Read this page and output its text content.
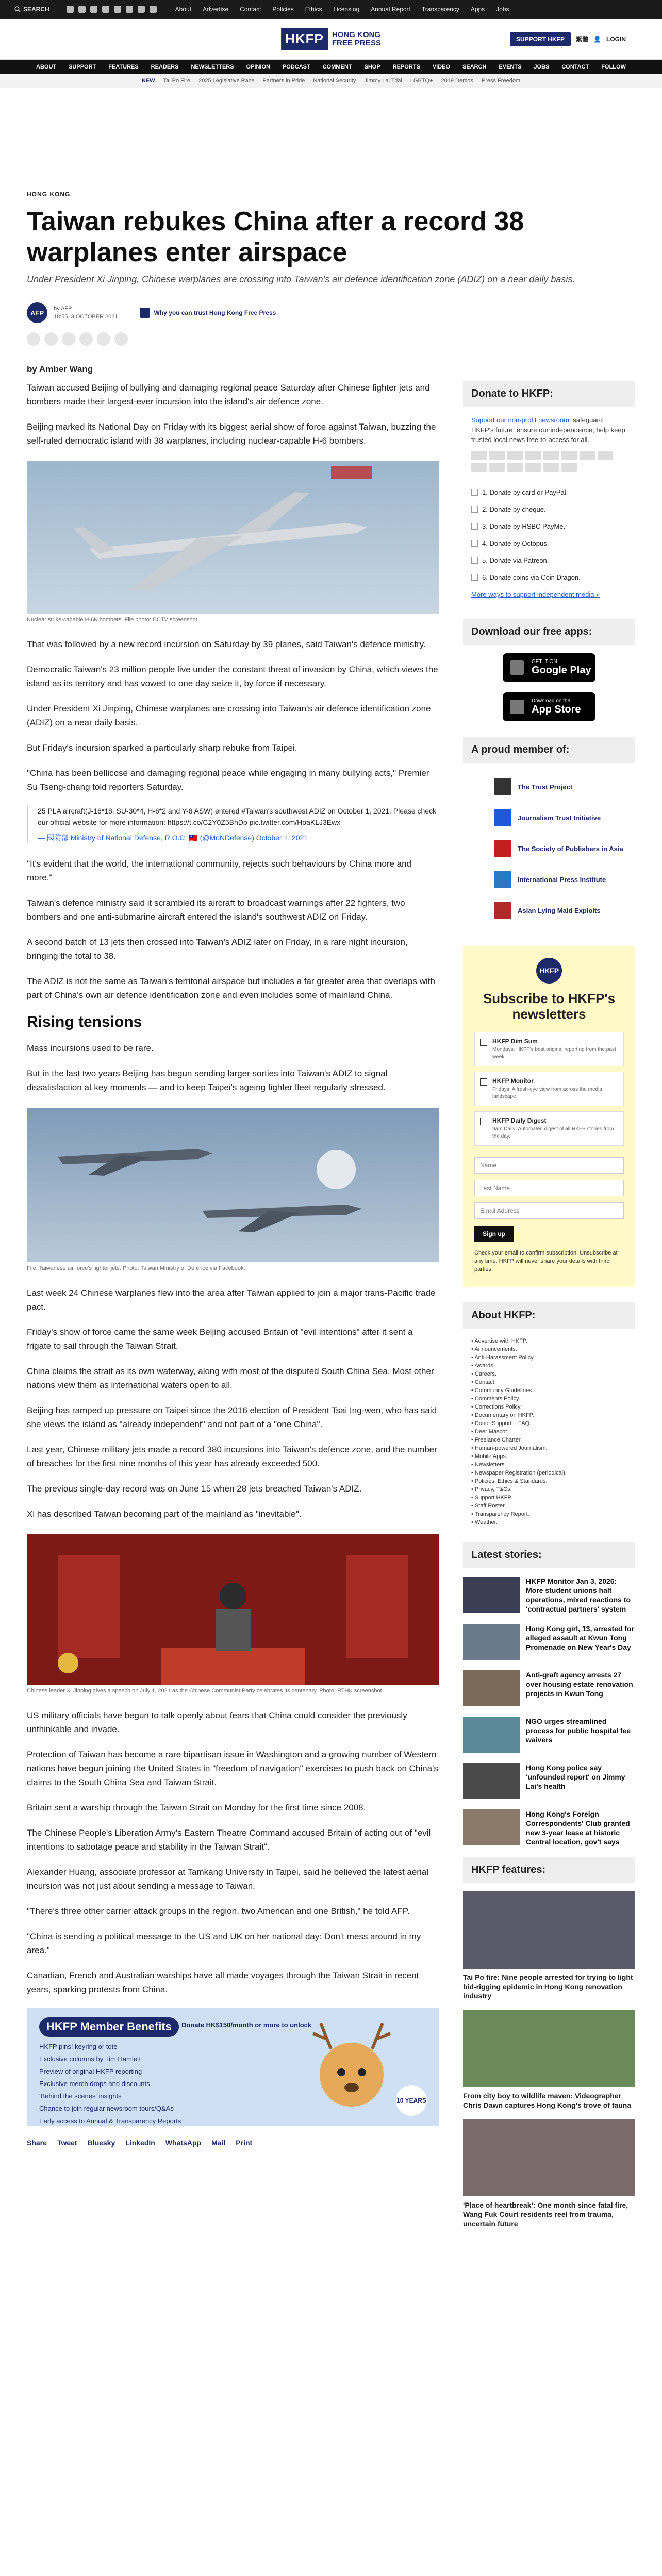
SEARCH	About Advertise Contact Policies Ethics Licensing Annual Report Transparency Apps Jobs
HKFP	HONG KONG
FREE PRESS	SUPPORT HKFP	繁體 👤 LOGIN
ABOUT SUPPORT FEATURES READERS NEWSLETTERS OPINION PODCAST COMMENT SHOP REPORTS VIDEO SEARCH EVENTS JOBS CONTACT FOLLOW
NEW Tai Po Fire 2025 Legislative Race Partners in Pride National Security Jimmy Lai Trial LGBTQ+ 2019 Demos Press Freedom
HONG KONG
Taiwan rebukes China after a record 38 warplanes enter airspace
Under President Xi Jinping, Chinese warplanes are crossing into Taiwan's air defence identification zone (ADIZ) on a near daily basis.
AFP
by AFP
18:55, 3 OCTOBER 2021
Why you can trust Hong Kong Free Press
by Amber Wang

Taiwan accused Beijing of bullying and damaging regional peace Saturday after Chinese fighter jets and bombers made their largest-ever incursion into the island's air defence zone.

Beijing marked its National Day on Friday with its biggest aerial show of force against Taiwan, buzzing the self-ruled democratic island with 38 warplanes, including nuclear-capable H-6 bombers.

Nuclear strike-capable H-6K bombers. File photo: CCTV screenshot.

That was followed by a new record incursion on Saturday by 39 planes, said Taiwan's defence ministry.

Democratic Taiwan's 23 million people live under the constant threat of invasion by China, which views the island as its territory and has vowed to one day seize it, by force if necessary.

Under President Xi Jinping, Chinese warplanes are crossing into Taiwan's air defence identification zone (ADIZ) on a near daily basis.

But Friday's incursion sparked a particularly sharp rebuke from Taipei.

"China has been bellicose and damaging regional peace while engaging in many bullying acts," Premier Su Tseng-chang told reporters Saturday.

25 PLA aircraft(J-16*18, SU-30*4, H-6*2 and Y-8 ASW) entered #Taiwan's southwest ADIZ on October 1, 2021. Please check our official website for more information: https://t.co/C2Y0Z5BhDp pic.twitter.com/HoaKLJ3Ewx
— 國防部 Ministry of National Defense, R.O.C. 🇹🇼 (@MoNDefense) October 1, 2021

"It's evident that the world, the international community, rejects such behaviours by China more and more."

Taiwan's defence ministry said it scrambled its aircraft to broadcast warnings after 22 fighters, two bombers and one anti-submarine aircraft entered the island's southwest ADIZ on Friday.

A second batch of 13 jets then crossed into Taiwan's ADIZ later on Friday, in a rare night incursion, bringing the total to 38.

The ADIZ is not the same as Taiwan's territorial airspace but includes a far greater area that overlaps with part of China's own air defence identification zone and even includes some of mainland China.

Rising tensions

Mass incursions used to be rare.

But in the last two years Beijing has begun sending larger sorties into Taiwan's ADIZ to signal dissatisfaction at key moments — and to keep Taipei's ageing fighter fleet regularly stressed.

File: Taiwanese air force's fighter jets. Photo: Taiwan Ministry of Defence via Facebook.

Last week 24 Chinese warplanes flew into the area after Taiwan applied to join a major trans-Pacific trade pact.

Friday's show of force came the same week Beijing accused Britain of "evil intentions" after it sent a frigate to sail through the Taiwan Strait.

China claims the strait as its own waterway, along with most of the disputed South China Sea. Most other nations view them as international waters open to all.

Beijing has ramped up pressure on Taipei since the 2016 election of President Tsai Ing-wen, who has said she views the island as "already independent" and not part of a "one China".

Last year, Chinese military jets made a record 380 incursions into Taiwan's defence zone, and the number of breaches for the first nine months of this year has already exceeded 500.

The previous single-day record was on June 15 when 28 jets breached Taiwan's ADIZ.

Xi has described Taiwan becoming part of the mainland as "inevitable".

Chinese leader Xi Jinping gives a speech on July 1, 2021 as the Chinese Communist Party celebrates its centenary. Photo: RTHK screenshot.

US military officials have begun to talk openly about fears that China could consider the previously unthinkable and invade.

Protection of Taiwan has become a rare bipartisan issue in Washington and a growing number of Western nations have begun joining the United States in "freedom of navigation" exercises to push back on China's claims to the South China Sea and Taiwan Strait.

Britain sent a warship through the Taiwan Strait on Monday for the first time since 2008.

The Chinese People's Liberation Army's Eastern Theatre Command accused Britain of acting out of "evil intentions to sabotage peace and stability in the Taiwan Strait".

Alexander Huang, associate professor at Tamkang University in Taipei, said he believed the latest aerial incursion was not just about sending a message to Taiwan.

"There's three other carrier attack groups in the region, two American and one British," he told AFP.

"China is sending a political message to the US and UK on her national day: Don't mess around in my area."

Canadian, French and Australian warships have all made voyages through the Taiwan Strait in recent years, sparking protests from China.

HKFP Member Benefits	Donate HK$150/month or more to unlock
HKFP pins! keyring or tote
Exclusive columns by Tim Hamlett
Preview of original HKFP reporting
Exclusive merch drops and discounts
'Behind the scenes' insights
Chance to join regular newsroom tours/Q&As
Early access to Annual & Transparency Reports
10 YEARS
Share Tweet Bluesky LinkedIn WhatsApp Mail Print
Donate to HKFP:
Support our non-profit newsroom: safeguard HKFP's future, ensure our independence, help keep trusted local news free-to-access for all.
1. Donate by card or PayPal.
2. Donate by cheque.
3. Donate by HSBC PayMe.
4. Donate by Octopus.
5. Donate via Patreon.
6. Donate coins via Coin Dragon.
More ways to support independent media »
Download our free apps:
GET IT ON
Google Play
Download on the
App Store
A proud member of:
The Trust Project
Journalism Trust Initiative
The Society of Publishers in Asia
International Press Institute
Asian Lying Maid Exploits
HKFP
Subscribe to HKFP's newsletters
HKFP Dim Sum
Mondays: HKFP's best original reporting from the past week.
HKFP Monitor
Fridays: A fresh-eye view from across the media landscape.
HKFP Daily Digest
9am Daily: Automated digest of all HKFP stories from the day.
Name Last Name Email Address Sign up
Check your email to confirm subscription. Unsubscribe at any time. HKFP will never share your details with third parties.
About HKFP:
• Advertise with HKFP.
• Announcements.
• Anti-Harassment Policy.
• Awards.
• Careers.
• Contact.
• Community Guidelines.
• Comments Policy.
• Corrections Policy.
• Documentary on HKFP.
• Donor Support + FAQ.
• Deer Mascot.
• Freelance Charter.
• Human-powered Journalism.
• Mobile Apps.
• Newsletters.
• Newspaper Registration (periodical).
• Policies, Ethics & Standards.
• Privacy, T&Cs.
• Support HKFP.
• Staff Roster.
• Transparency Report.
• Weather.
Latest stories:
HKFP Monitor Jan 3, 2026: More student unions halt operations, mixed reactions to 'contractual partners' system
Hong Kong girl, 13, arrested for alleged assault at Kwun Tong Promenade on New Year's Day
Anti-graft agency arrests 27 over housing estate renovation projects in Kwun Tong
NGO urges streamlined process for public hospital fee waivers
Hong Kong police say 'unfounded report' on Jimmy Lai's health
Hong Kong's Foreign Correspondents' Club granted new 3-year lease at historic Central location, gov't says
HKFP features:
Tai Po fire: Nine people arrested for trying to light bid-rigging epidemic in Hong Kong renovation industry
From city boy to wildlife maven: Videographer Chris Dawn captures Hong Kong's trove of fauna
'Place of heartbreak': One month since fatal fire, Wang Fuk Court residents reel from trauma, uncertain future
